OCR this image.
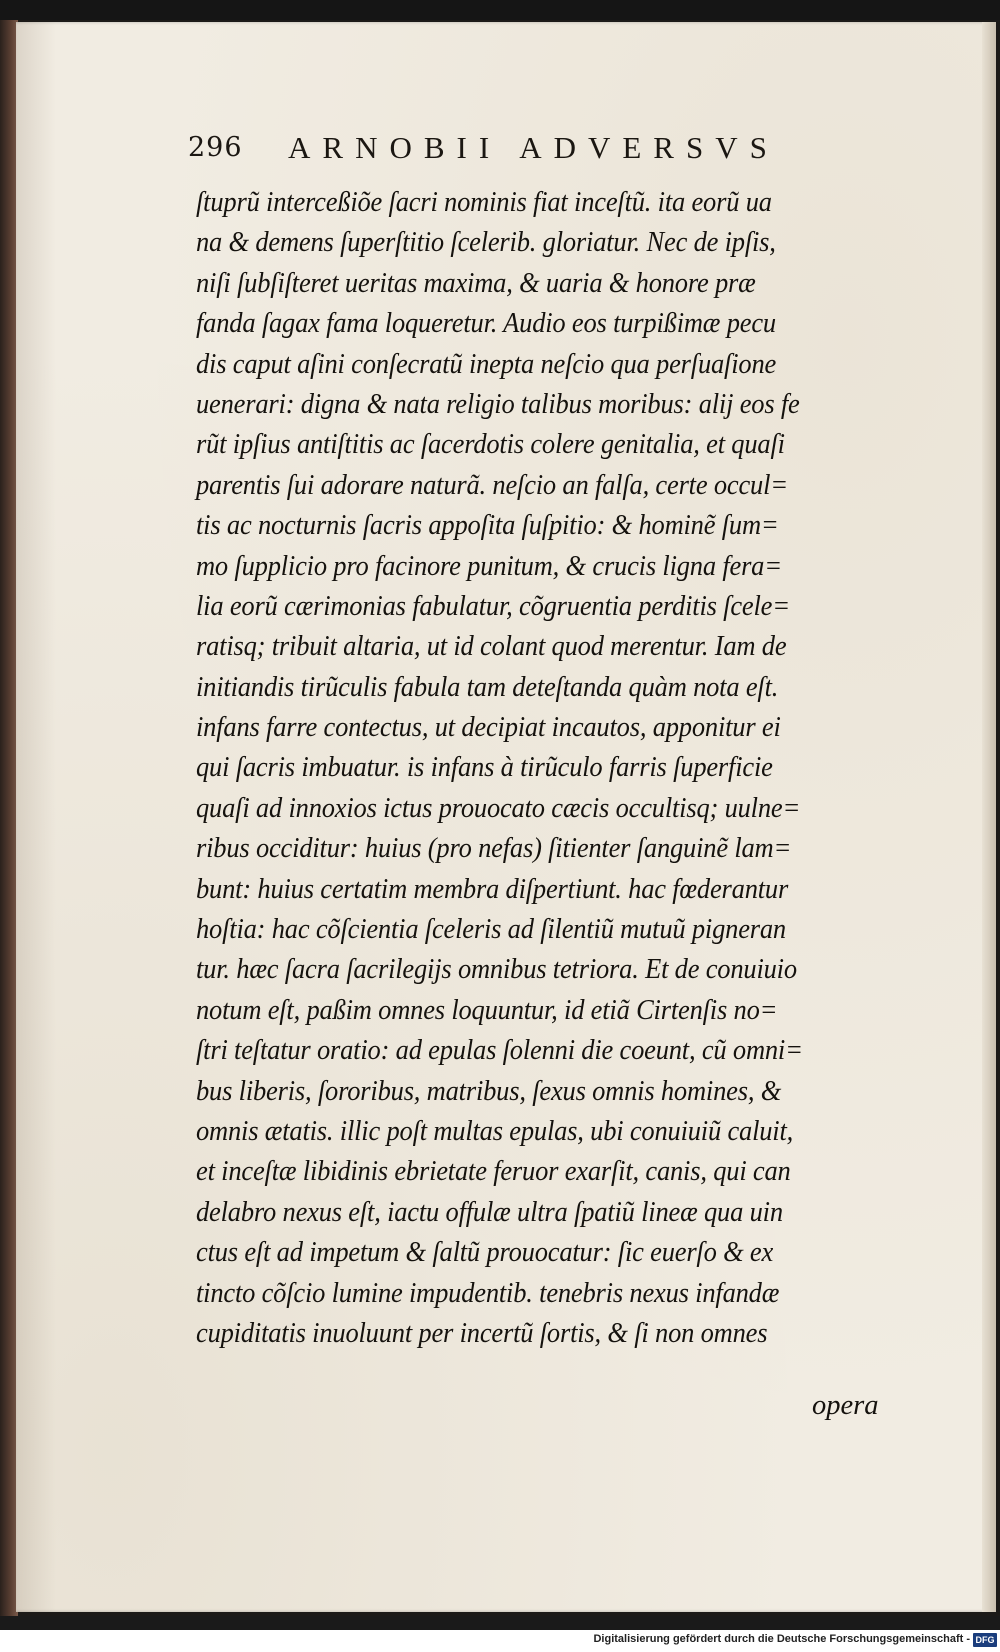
296 ARNOBII ADVERSVS
ſtuprũ interceßiõe ſacri nominis fiat inceſtũ. ita eorũ ua
na & demens ſuperſtitio ſcelerib. gloriatur. Nec de ipſis,
niſi ſubſiſteret ueritas maxima, & uaria & honore præ
fanda ſagax fama loqueretur. Audio eos turpißimæ pecu
dis caput aſini conſecratũ inepta neſcio qua perſuaſione
uenerari: digna & nata religio talibus moribus: alij eos fe
rũt ipſius antiſtitis ac ſacerdotis colere genitalia, et quaſi
parentis ſui adorare naturã. neſcio an falſa, certe occul=
tis ac nocturnis ſacris appoſita ſuſpitio: & hominẽ ſum=
mo ſupplicio pro facinore punitum, & crucis ligna fera=
lia eorũ cærimonias fabulatur, cõgruentia perditis ſcele=
ratisq; tribuit altaria, ut id colant quod merentur. Iam de
initiandis tirũculis fabula tam deteſtanda quàm nota eſt.
infans farre contectus, ut decipiat incautos, apponitur ei
qui ſacris imbuatur. is infans à tirũculo farris ſuperficie
quaſi ad innoxios ictus prouocato cæcis occultisq; uulne=
ribus occiditur: huius (pro nefas) ſitienter ſanguinẽ lam=
bunt: huius certatim membra diſpertiunt. hac fœderantur
hoſtia: hac cõſcientia ſceleris ad ſilentiũ mutuũ pigneran
tur. hæc ſacra ſacrilegijs omnibus tetriora. Et de conuiuio
notum eſt, paßim omnes loquuntur, id etiã Cirtenſis no=
ſtri teſtatur oratio: ad epulas ſolenni die coeunt, cũ omni=
bus liberis, ſororibus, matribus, ſexus omnis homines, &
omnis ætatis. illic poſt multas epulas, ubi conuiuiũ caluit,
et inceſtæ libidinis ebrietate feruor exarſit, canis, qui can
delabro nexus eſt, iactu offulæ ultra ſpatiũ lineæ qua uin
ctus eſt ad impetum & ſaltũ prouocatur: ſic euerſo & ex
tincto cõſcio lumine impudentib. tenebris nexus infandæ
cupiditatis inuoluunt per incertũ ſortis, & ſi non omnes
opera
Digitalisierung gefördert durch die Deutsche Forschungsgemeinschaft - DFG
